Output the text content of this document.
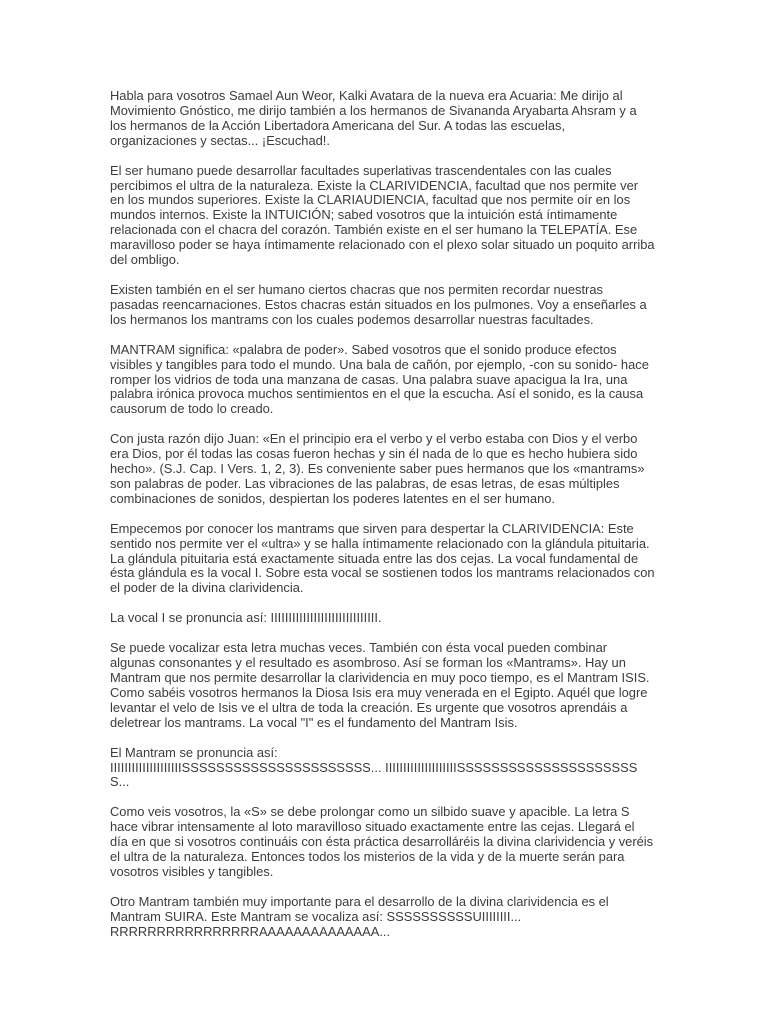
Habla para vosotros Samael Aun Weor, Kalki Avatara de la nueva era Acuaria: Me dirijo al Movimiento Gnóstico, me dirijo también a los hermanos de Sivananda Aryabarta Ahsram y a los hermanos de la Acción Libertadora Americana del Sur. A todas las escuelas, organizaciones y sectas... ¡Escuchad!.

El ser humano puede desarrollar facultades superlativas trascendentales con las cuales percibimos el ultra de la naturaleza. Existe la CLARIVIDENCIA, facultad que nos permite ver en los mundos superiores. Existe la CLARIAUDIENCIA, facultad que nos permite oír en los mundos internos. Existe la INTUICIÓN; sabed vosotros que la intuición está íntimamente relacionada con el chacra del corazón. También existe en el ser humano la TELEPATÍA. Ese maravilloso poder se haya íntimamente relacionado con el plexo solar situado un poquito arriba del ombligo.

Existen también en el ser humano ciertos chacras que nos permiten recordar nuestras pasadas reencarnaciones. Estos chacras están situados en los pulmones. Voy a enseñarles a los hermanos los mantrams con los cuales podemos desarrollar nuestras facultades.

MANTRAM significa: «palabra de poder». Sabed vosotros que el sonido produce efectos visibles y tangibles para todo el mundo. Una bala de cañón, por ejemplo, -con su sonido- hace romper los vidrios de toda una manzana de casas. Una palabra suave apacigua la Ira, una palabra irónica provoca muchos sentimientos en el que la escucha. Así el sonido, es la causa causorum de todo lo creado.

Con justa razón dijo Juan: «En el principio era el verbo y el verbo estaba con Dios y el verbo era Dios, por él todas las cosas fueron hechas y sin él nada de lo que es hecho hubiera sido hecho». (S.J. Cap. I Vers. 1, 2, 3). Es conveniente saber pues hermanos que los «mantrams» son palabras de poder. Las vibraciones de las palabras, de esas letras, de esas múltiples combinaciones de sonidos, despiertan los poderes latentes en el ser humano.

Empecemos por conocer los mantrams que sirven para despertar la CLARIVIDENCIA: Este sentido nos permite ver el «ultra» y se halla íntimamente relacionado con la glándula pituitaria. La glándula pituitaria está exactamente situada entre las dos cejas. La vocal fundamental de ésta glándula es la vocal I. Sobre esta vocal se sostienen todos los mantrams relacionados con el poder de la divina clarividencia.

La vocal I se pronuncia así: IIIIIIIIIIIIIIIIIIIIIIIIIIIIII.

Se puede vocalizar esta letra muchas veces. También con ésta vocal pueden combinar algunas consonantes y el resultado es asombroso. Así se forman los «Mantrams». Hay un Mantram que nos permite desarrollar la clarividencia en muy poco tiempo, es el Mantram ISIS. Como sabéis vosotros hermanos la Diosa Isis era muy venerada en el Egipto. Aquél que logre levantar el velo de Isis ve el ultra de toda la creación. Es urgente que vosotros aprendáis a deletrear los mantrams. La vocal "I" es el fundamento del Mantram Isis.

El Mantram se pronuncia así:
IIIIIIIIIIIIIIIIIIIISSSSSSSSSSSSSSSSSSSSSS... IIIIIIIIIIIIIIIIIIIISSSSSSSSSSSSSSSSSSSSSS...

Como veis vosotros, la «S» se debe prolongar como un silbido suave y apacible. La letra S hace vibrar intensamente al loto maravilloso situado exactamente entre las cejas. Llegará el día en que si vosotros continuáis con ésta práctica desarrolláréis la divina clarividencia y veréis el ultra de la naturaleza. Entonces todos los misterios de la vida y de la muerte serán para vosotros visibles y tangibles.

Otro Mantram también muy importante para el desarrollo de la divina clarividencia es el Mantram SUIRA. Este Mantram se vocaliza así: SSSSSSSSSSUIIIIIIII...
RRRRRRRRRRRRRRRRAAAAAAAAAAAAAA...
